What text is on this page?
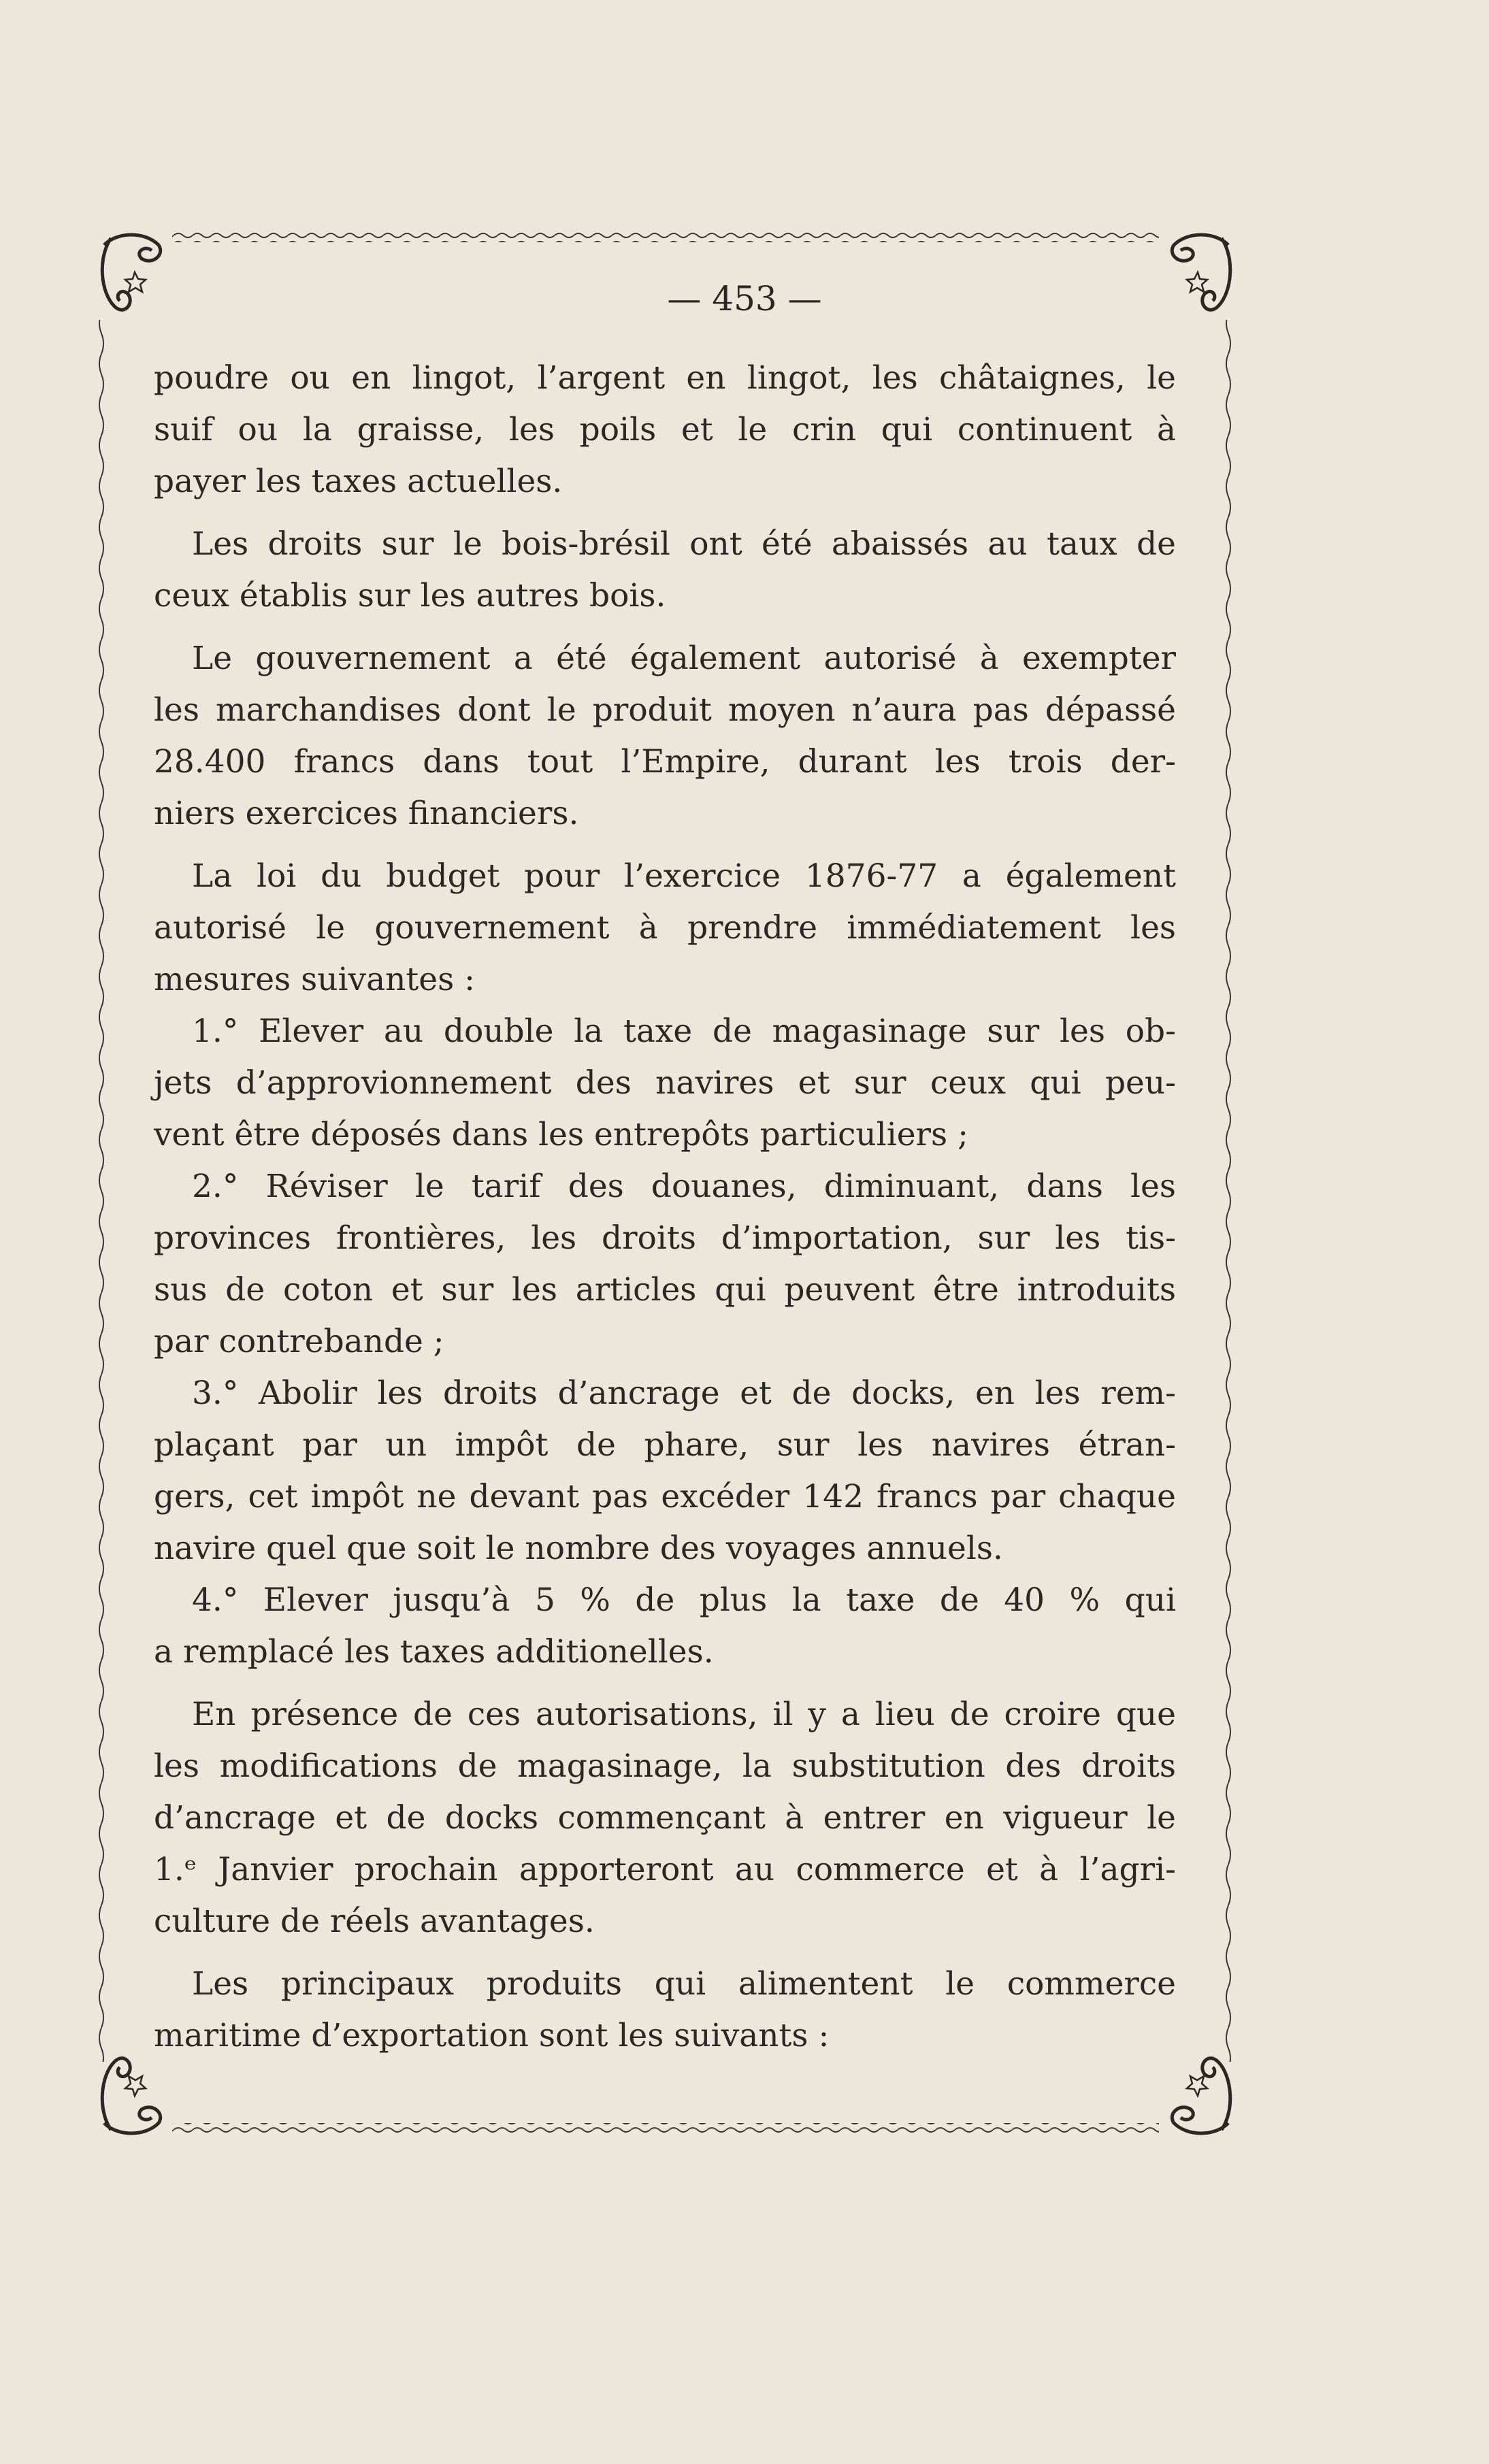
— 453 —
poudre ou en lingot, l’argent en lingot, les châtaignes, le
suif ou la graisse, les poils et le crin qui continuent à
payer les taxes actuelles.
Les droits sur le bois-brésil ont été abaissés au taux de
ceux établis sur les autres bois.
Le gouvernement a été également autorisé à exempter
les marchandises dont le produit moyen n’aura pas dépassé
28.400 francs dans tout l’Empire, durant les trois der-
niers exercices financiers.
La loi du budget pour l’exercice 1876-77 a également
autorisé le gouvernement à prendre immédiatement les
mesures suivantes :
1.° Elever au double la taxe de magasinage sur les ob-
jets d’approvionnement des navires et sur ceux qui peu-
vent être déposés dans les entrepôts particuliers ;
2.° Réviser le tarif des douanes, diminuant, dans les
provinces frontières, les droits d’importation, sur les tis-
sus de coton et sur les articles qui peuvent être introduits
par contrebande ;
3.° Abolir les droits d’ancrage et de docks, en les rem-
plaçant par un impôt de phare, sur les navires étran-
gers, cet impôt ne devant pas excéder 142 francs par chaque
navire quel que soit le nombre des voyages annuels.
4.° Elever jusqu’à 5 % de plus la taxe de 40 % qui
a remplacé les taxes additionelles.
En présence de ces autorisations, il y a lieu de croire que
les modifications de magasinage, la substitution des droits
d’ancrage et de docks commençant à entrer en vigueur le
1.ᵉ Janvier prochain apporteront au commerce et à l’agri-
culture de réels avantages.
Les principaux produits qui alimentent le commerce
maritime d’exportation sont les suivants :
